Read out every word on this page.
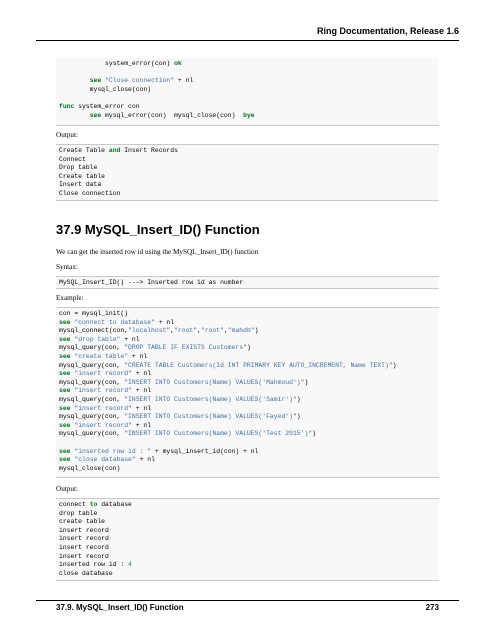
Ring Documentation, Release 1.6
system_error(con) ok
see "Close connection" + nl
mysql_close(con)
func system_error con
see mysql_error(con)  mysql_close(con)  bye
Output:
Create Table and Insert Records
Connect
Drop table
Create table
Insert data
Close connection
37.9 MySQL_Insert_ID() Function
We can get the inserted row id using the MySQL_Insert_ID() function
Syntax:
MySQL_Insert_ID() ---> Inserted row id as number
Example:
con = mysql_init()
see "connect to database" + nl
mysql_connect(con,"localhost","root","root","mahdb")
see "drop table" + nl
mysql_query(con, "DROP TABLE IF EXISTS Customers")
see "create table" + nl
mysql_query(con, "CREATE TABLE Customers(Id INT PRIMARY KEY AUTO_INCREMENT, Name TEXT)")
see "insert record" + nl
mysql_query(con, "INSERT INTO Customers(Name) VALUES('Mahmoud')")
see "insert record" + nl
mysql_query(con, "INSERT INTO Customers(Name) VALUES('Samir')")
see "insert record" + nl
mysql_query(con, "INSERT INTO Customers(Name) VALUES('Fayed')")
see "insert record" + nl
mysql_query(con, "INSERT INTO Customers(Name) VALUES('Test 2015')")
see "inserted row id : " + mysql_insert_id(con) + nl
see "close database" + nl
mysql_close(con)
Output:
connect to database
drop table
create table
insert record
insert record
insert record
insert record
inserted row id : 4
close database
37.9. MySQL_Insert_ID() Function	273
